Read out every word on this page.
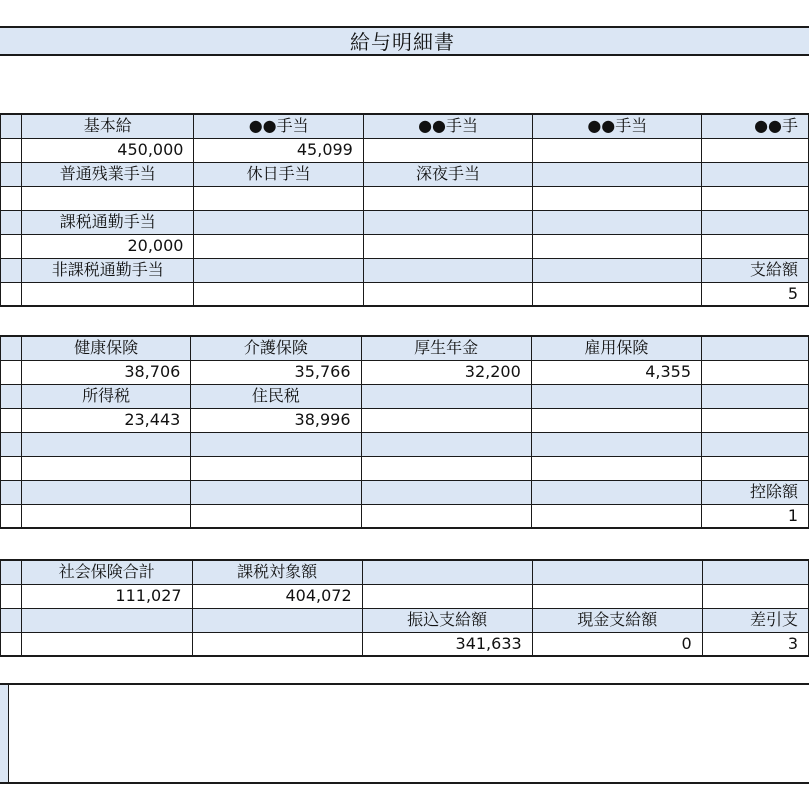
給与明細書
	基本給	●●手当	●●手当	●●手当	●●手
	450,000	45,099			
	普通残業手当	休日手当	深夜手当		

	課税通勤手当				
	20,000				
	非課税通勤手当				支給額
					5
	健康保険	介護保険	厚生年金	雇用保険	
	38,706	35,766	32,200	4,355	
	所得税	住民税			
	23,443	38,996			

					控除額
					1
	社会保険合計	課税対象額			
	111,027	404,072			
			振込支給額	現金支給額	差引支
			341,633	0	3
